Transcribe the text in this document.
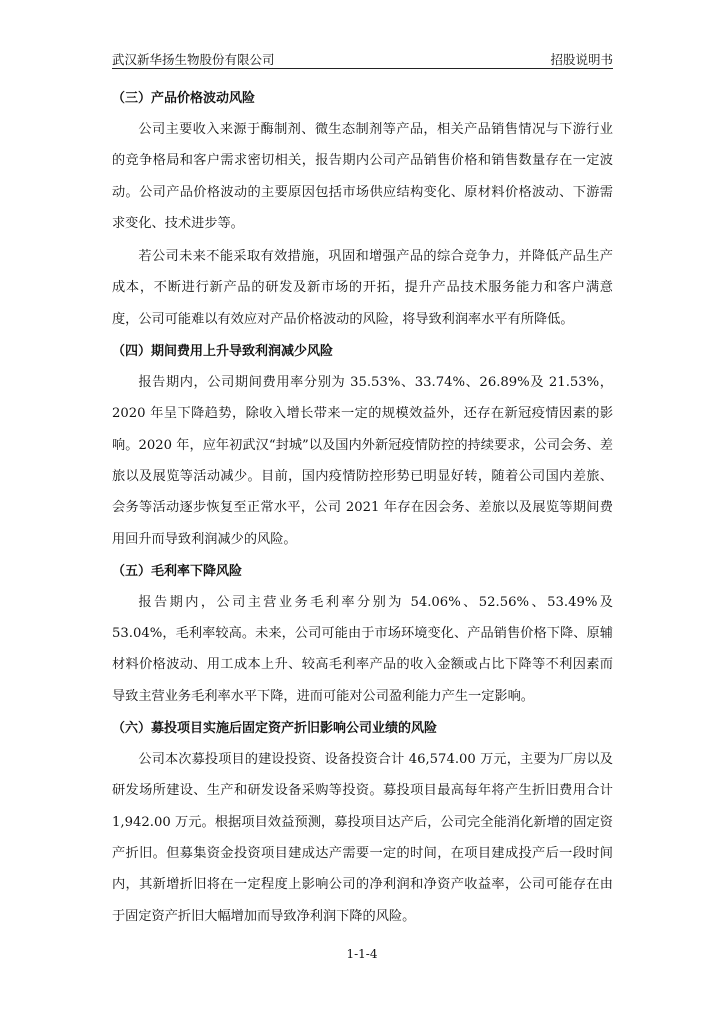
武汉新华扬生物股份有限公司	招股说明书
（三）产品价格波动风险

公司主要收入来源于酶制剂、微生态制剂等产品，相关产品销售情况与下游行业的竞争格局和客户需求密切相关，报告期内公司产品销售价格和销售数量存在一定波动。公司产品价格波动的主要原因包括市场供应结构变化、原材料价格波动、下游需求变化、技术进步等。

若公司未来不能采取有效措施，巩固和增强产品的综合竞争力，并降低产品生产成本，不断进行新产品的研发及新市场的开拓，提升产品技术服务能力和客户满意度，公司可能难以有效应对产品价格波动的风险，将导致利润率水平有所降低。

（四）期间费用上升导致利润减少风险

报告期内，公司期间费用率分别为 35.53%、33.74%、26.89%及 21.53%，2020 年呈下降趋势，除收入增长带来一定的规模效益外，还存在新冠疫情因素的影响。2020 年，应年初武汉“封城”以及国内外新冠疫情防控的持续要求，公司会务、差旅以及展览等活动减少。目前，国内疫情防控形势已明显好转，随着公司国内差旅、会务等活动逐步恢复至正常水平，公司 2021 年存在因会务、差旅以及展览等期间费用回升而导致利润减少的风险。

（五）毛利率下降风险

报告期内，公司主营业务毛利率分别为 54.06%、52.56%、53.49%及 53.04%，毛利率较高。未来，公司可能由于市场环境变化、产品销售价格下降、原辅材料价格波动、用工成本上升、较高毛利率产品的收入金额或占比下降等不利因素而导致主营业务毛利率水平下降，进而可能对公司盈利能力产生一定影响。

（六）募投项目实施后固定资产折旧影响公司业绩的风险

公司本次募投项目的建设投资、设备投资合计 46,574.00 万元，主要为厂房以及研发场所建设、生产和研发设备采购等投资。募投项目最高每年将产生折旧费用合计 1,942.00 万元。根据项目效益预测，募投项目达产后，公司完全能消化新增的固定资产折旧。但募集资金投资项目建成达产需要一定的时间，在项目建成投产后一段时间内，其新增折旧将在一定程度上影响公司的净利润和净资产收益率，公司可能存在由于固定资产折旧大幅增加而导致净利润下降的风险。

1-1-4
